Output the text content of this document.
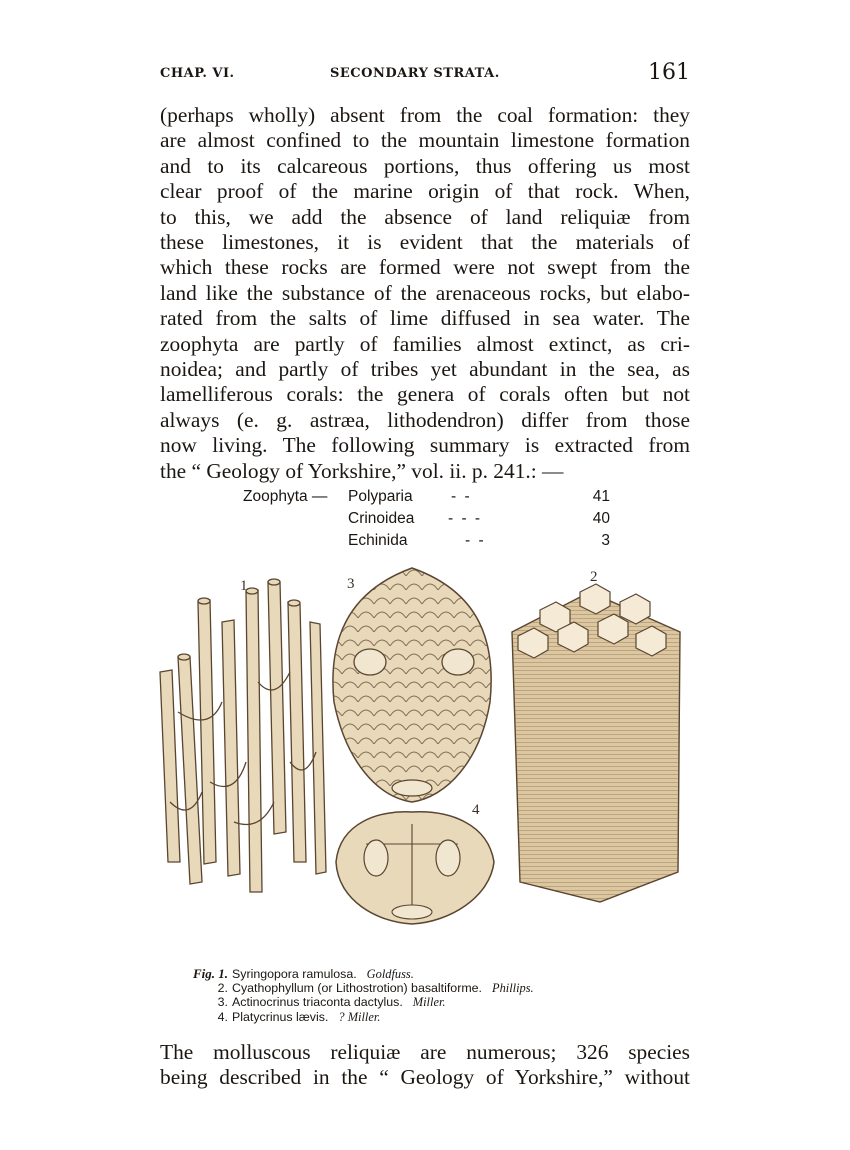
CHAP. VI.	SECONDARY STRATA.	161
(perhaps wholly) absent from the coal formation: they
are almost confined to the mountain limestone formation
and to its calcareous portions, thus offering us most
clear proof of the marine origin of that rock. When,
to this, we add the absence of land reliquiæ from
these limestones, it is evident that the materials of
which these rocks are formed were not swept from the
land like the substance of the arenaceous rocks, but elabo-
rated from the salts of lime diffused in sea water. The
zoophyta are partly of families almost extinct, as cri-
noidea; and partly of tribes yet abundant in the sea, as
lamelliferous corals: the genera of corals often but not
always (e. g. astræa, lithodendron) differ from those
now living. The following summary is extracted from
the “ Geology of Yorkshire,” vol. ii. p. 241.: —
Zoophyta — Polyparia - -	41
Crinoidea - - -	40
Echinida	- -	3
1	3	2
4
Fig. 1. Syringopora ramulosa. Goldfuss.
2. Cyathophyllum (or Lithostrotion) basaltiforme. Phillips.
3. Actinocrinus triaconta dactylus. Miller.
4. Platycrinus lævis. ? Miller.
The molluscous reliquiæ are numerous; 326 species
being described in the “ Geology of Yorkshire,” without
